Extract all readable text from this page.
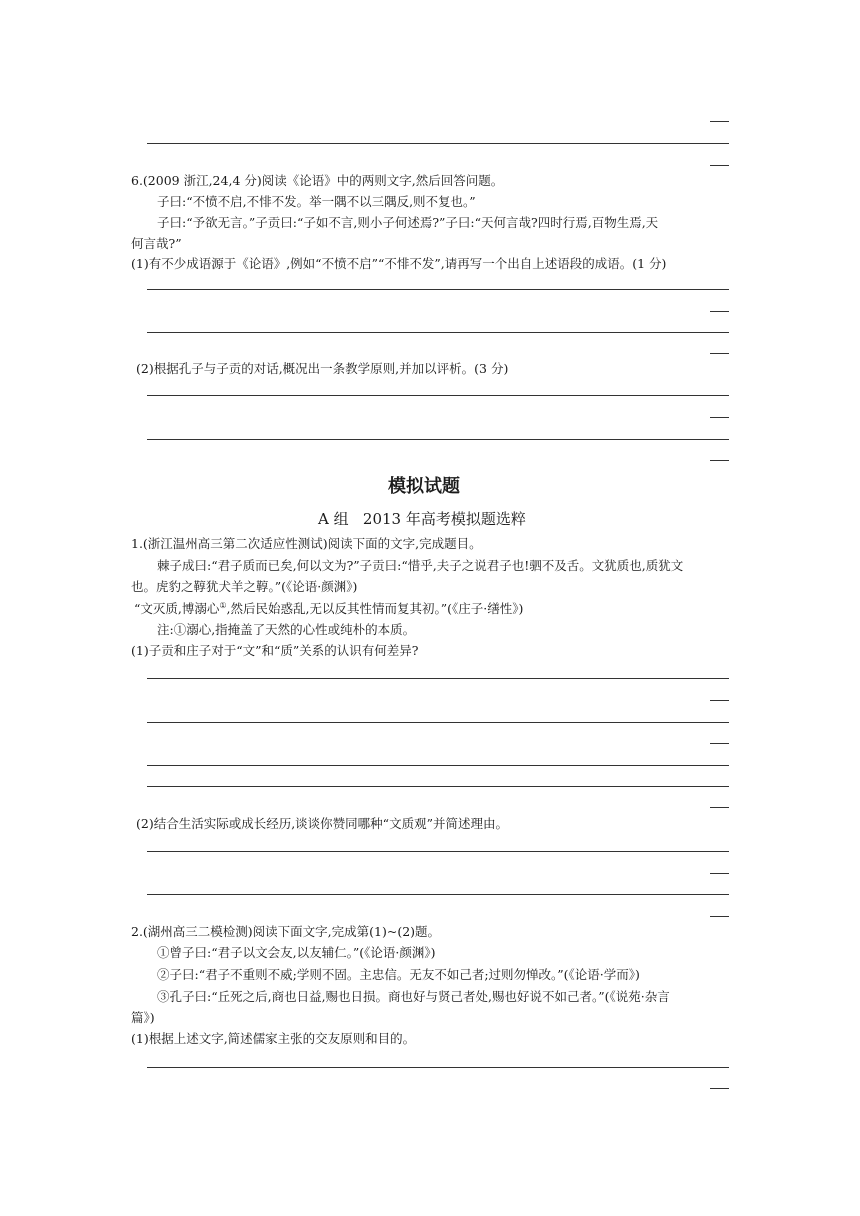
6.(2009 浙江,24,4 分)阅读《论语》中的两则文字,然后回答问题。
子曰:“不愤不启,不悱不发。举一隅不以三隅反,则不复也。”
子曰:“予欲无言。”子贡曰:“子如不言,则小子何述焉?”子曰:“天何言哉?四时行焉,百物生焉,天
何言哉?”
(1)有不少成语源于《论语》,例如“不愤不启”“不悱不发”,请再写一个出自上述语段的成语。(1 分)
(2)根据孔子与子贡的对话,概况出一条教学原则,并加以评析。(3 分)
模拟试题
A 组   2013 年高考模拟题选粹
1.(浙江温州高三第二次适应性测试)阅读下面的文字,完成题目。
棘子成曰:“君子质而已矣,何以文为?”子贡曰:“惜乎,夫子之说君子也!驷不及舌。文犹质也,质犹文
也。虎豹之鞟犹犬羊之鞟。”(《论语·颜渊》)
“文灭质,博溺心①,然后民始惑乱,无以反其性情而复其初。”(《庄子·缮性》)
注:①溺心,指掩盖了天然的心性或纯朴的本质。
(1)子贡和庄子对于“文”和“质”关系的认识有何差异?
(2)结合生活实际或成长经历,谈谈你赞同哪种“文质观”并简述理由。
2.(湖州高三二模检测)阅读下面文字,完成第(1)~(2)题。
①曾子曰:“君子以文会友,以友辅仁。”(《论语·颜渊》)
②子曰:“君子不重则不威;学则不固。主忠信。无友不如己者;过则勿惮改。”(《论语·学而》)
③孔子曰:“丘死之后,商也日益,赐也日损。商也好与贤己者处,赐也好说不如己者。”(《说苑·杂言
篇》)
(1)根据上述文字,简述儒家主张的交友原则和目的。
